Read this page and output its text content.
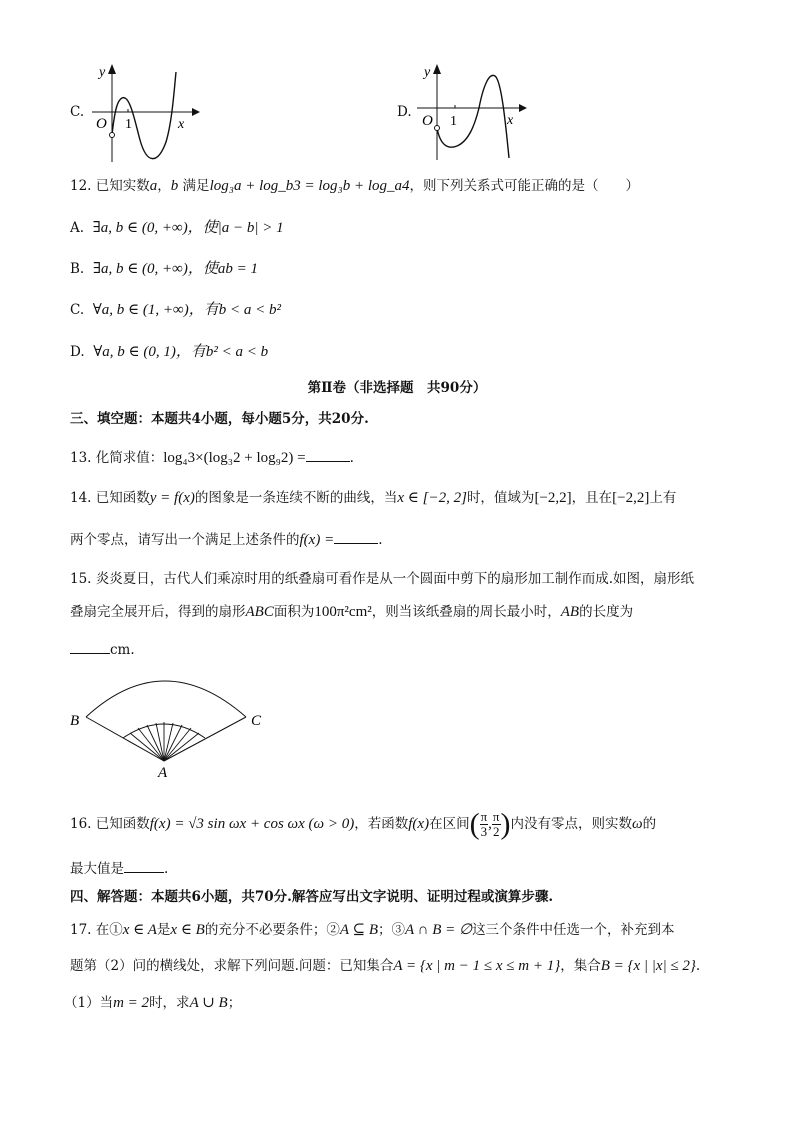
C.
y
O 1	x
D.
y
O 1	x
12. 已知实数a，b 满足log₃a + log_b3 = log₃b + log_a4，则下列关系式可能正确的是（　　）
A. ∃a, b ∈ (0, +∞)，使|a − b| > 1
B. ∃a, b ∈ (0, +∞)，使ab = 1
C. ∀a, b ∈ (1, +∞)，有b < a < b²
D. ∀a, b ∈ (0, 1)，有b² < a < b
第Ⅱ卷（非选择题　共90分）
三、填空题：本题共4小题，每小题5分，共20分.
13. 化简求值：log₄3×(log₃2 + log₉2) =	.
14. 已知函数y = f(x)的图象是一条连续不断的曲线，当x ∈ [−2, 2]时，值域为[−2,2]，且在[−2,2]上有
两个零点，请写出一个满足上述条件的f(x) =	.
15. 炎炎夏日，古代人们乘凉时用的纸叠扇可看作是从一个圆面中剪下的扇形加工制作而成.如图，扇形纸
叠扇完全展开后，得到的扇形ABC面积为100π²cm²，则当该纸叠扇的周长最小时，AB的长度为
cm.
B	C
A
16. 已知函数f(x) = √3 sin ωx + cos ωx (ω > 0)，若函数f(x)在区间( $\frac{\pi}{3}$ , $\frac{\pi}{2}$ )内没有零点，则实数ω的
最大值是	.
四、解答题：本题共6小题，共70分.解答应写出文字说明、证明过程或演算步骤.
17. 在①x ∈ A是x ∈ B的充分不必要条件；②A ⊆ B；③A ∩ B = ∅这三个条件中任选一个，补充到本
题第（2）问的横线处，求解下列问题.问题：已知集合A = {x | m − 1 ≤ x ≤ m + 1}，集合B = {x | |x| ≤ 2}.
（1）当m = 2时，求A ∪ B；
